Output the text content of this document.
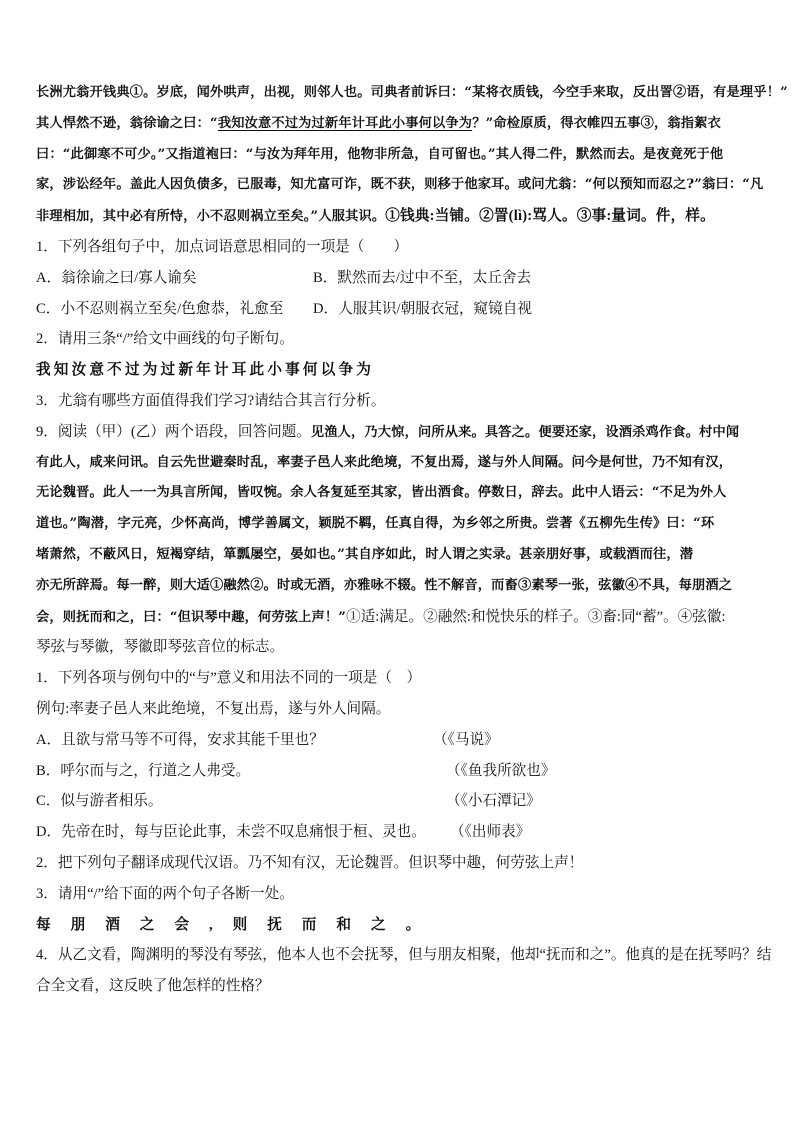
长洲尤翁开钱典①。岁底，闻外哄声，出视，则邻人也。司典者前诉曰：“某将衣质钱，今空手来取，反出詈②语，有是理乎！”
其人悍然不逊，翁徐谕之曰：“我知汝意不过为过新年计耳此小事何以争为？”命检原质，得衣帷四五事③，翁指絮衣
曰：“此御寒不可少。”又指道袍曰：“与汝为拜年用，他物非所急，自可留也。”其人得二件，默然而去。是夜竟死于他
家，涉讼经年。盖此人因负债多，已服毒，知尤富可诈，既不获，则移于他家耳。或问尤翁：“何以预知而忍之?”翁曰：“凡
非理相加，其中必有所恃，小不忍则祸立至矣。”人服其识。①钱典:当铺。②詈(lì):骂人。③事:量词。件，样。
1．下列各组句子中，加点词语意思相同的一项是（　　）
A．翁徐谕之曰/寡人谕矣	B．默然而去/过中不至，太丘舍去
C．小不忍则祸立至矣/色愈恭，礼愈至 D．人服其识/朝服衣冠，窥镜自视
2．请用三条“/”给文中画线的句子断句。
我知汝意不过为过新年计耳此小事何以争为
3．尤翁有哪些方面值得我们学习?请结合其言行分析。
9．阅读（甲）(乙）两个语段，回答问题。见渔人，乃大惊，问所从来。具答之。便要还家，设酒杀鸡作食。村中闻
有此人，咸来问讯。自云先世避秦时乱，率妻子邑人来此绝境，不复出焉，遂与外人间隔。问今是何世，乃不知有汉，
无论魏晋。此人一一为具言所闻，皆叹惋。余人各复延至其家，皆出酒食。停数日，辞去。此中人语云：“不足为外人
道也。”陶潜，字元亮，少怀高尚，博学善属文，颖脱不羁，任真自得，为乡邻之所贵。尝著《五柳先生传》曰：“环
堵萧然，不蔽风日，短褐穿结，箪瓢屡空，晏如也。”其自序如此，时人谓之实录。甚亲朋好事，或载酒而往，潜
亦无所辞焉。每一醉，则大适①融然②。时或无酒，亦雅咏不辍。性不解音，而畜③素琴一张，弦徽④不具，每朋酒之
会，则抚而和之，曰：“但识琴中趣，何劳弦上声！”①适:满足。②融然:和悦快乐的样子。③畜:同“蓄”。④弦徽:
琴弦与琴徽，琴徽即琴弦音位的标志。
1．下列各项与例句中的“与”意义和用法不同的一项是（　）
例句:率妻子邑人来此绝境，不复出焉，遂与外人间隔。
A．且欲与常马等不可得，安求其能千里也？	（《马说》
B．呼尔而与之，行道之人弗受。	（《鱼我所欲也》
C．似与游者相乐。	（《小石潭记》
D．先帝在时，每与臣论此事，未尝不叹息痛恨于桓、灵也。 （《出师表》
2．把下列句子翻译成现代汉语。乃不知有汉，无论魏晋。但识琴中趣，何劳弦上声！
3．请用“/”给下面的两个句子各断一处。
每朋酒之会,则抚而和之。
4．从乙文看，陶渊明的琴没有琴弦，他本人也不会抚琴，但与朋友相聚，他却“抚而和之”。他真的是在抚琴吗？结
合全文看，这反映了他怎样的性格？
